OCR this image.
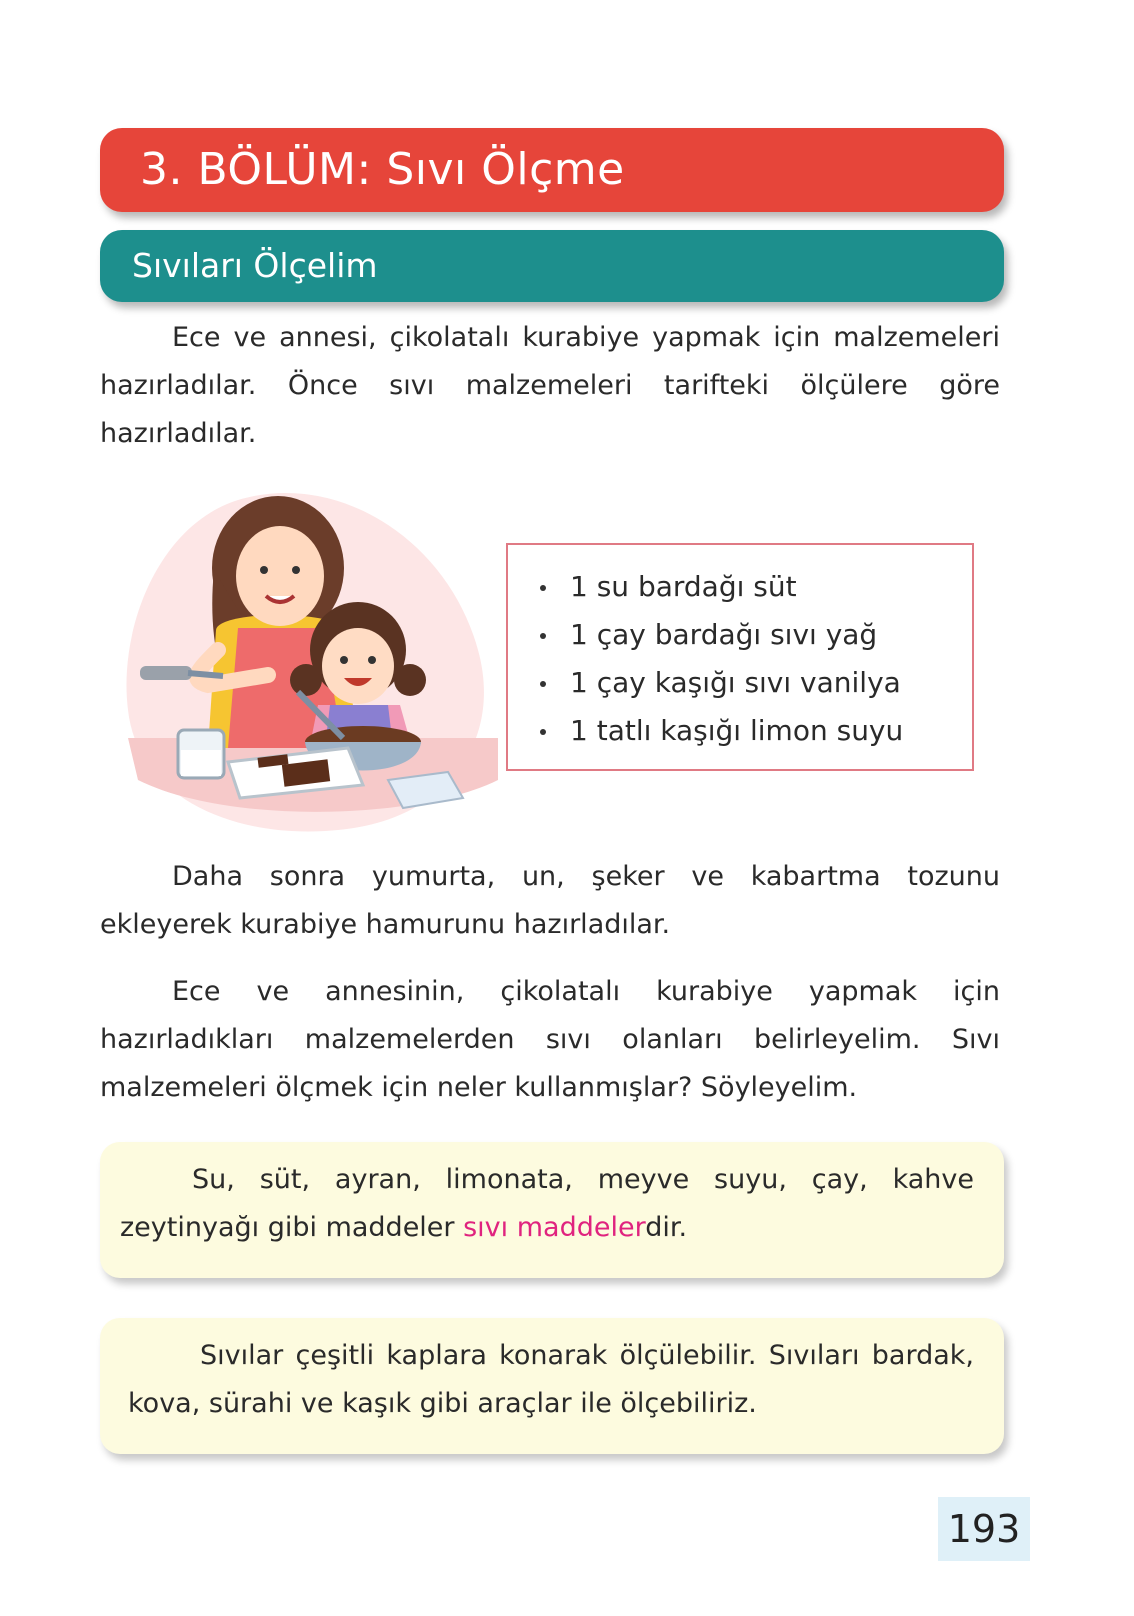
3. BÖLÜM: Sıvı Ölçme
Sıvıları Ölçelim

Ece ve annesi, çikolatalı kurabiye yapmak için malzemeleri hazırladılar. Önce sıvı malzemeleri tarifteki ölçülere göre hazırladılar.

1 su bardağı süt
1 çay bardağı sıvı yağ
1 çay kaşığı sıvı vanilya
1 tatlı kaşığı limon suyu

Daha sonra yumurta, un, şeker ve kabartma tozunu ekleyerek kurabiye hamurunu hazırladılar.

Ece ve annesinin, çikolatalı kurabiye yapmak için hazırladıkları malzemelerden sıvı olanları belirleyelim. Sıvı malzemeleri ölçmek için neler kullanmışlar? Söyleyelim.

Su, süt, ayran, limonata, meyve suyu, çay, kahve zeytinyağı gibi maddeler sıvı maddelerdir.

Sıvılar çeşitli kaplara konarak ölçülebilir. Sıvıları bardak, kova, sürahi ve kaşık gibi araçlar ile ölçebiliriz.

193
